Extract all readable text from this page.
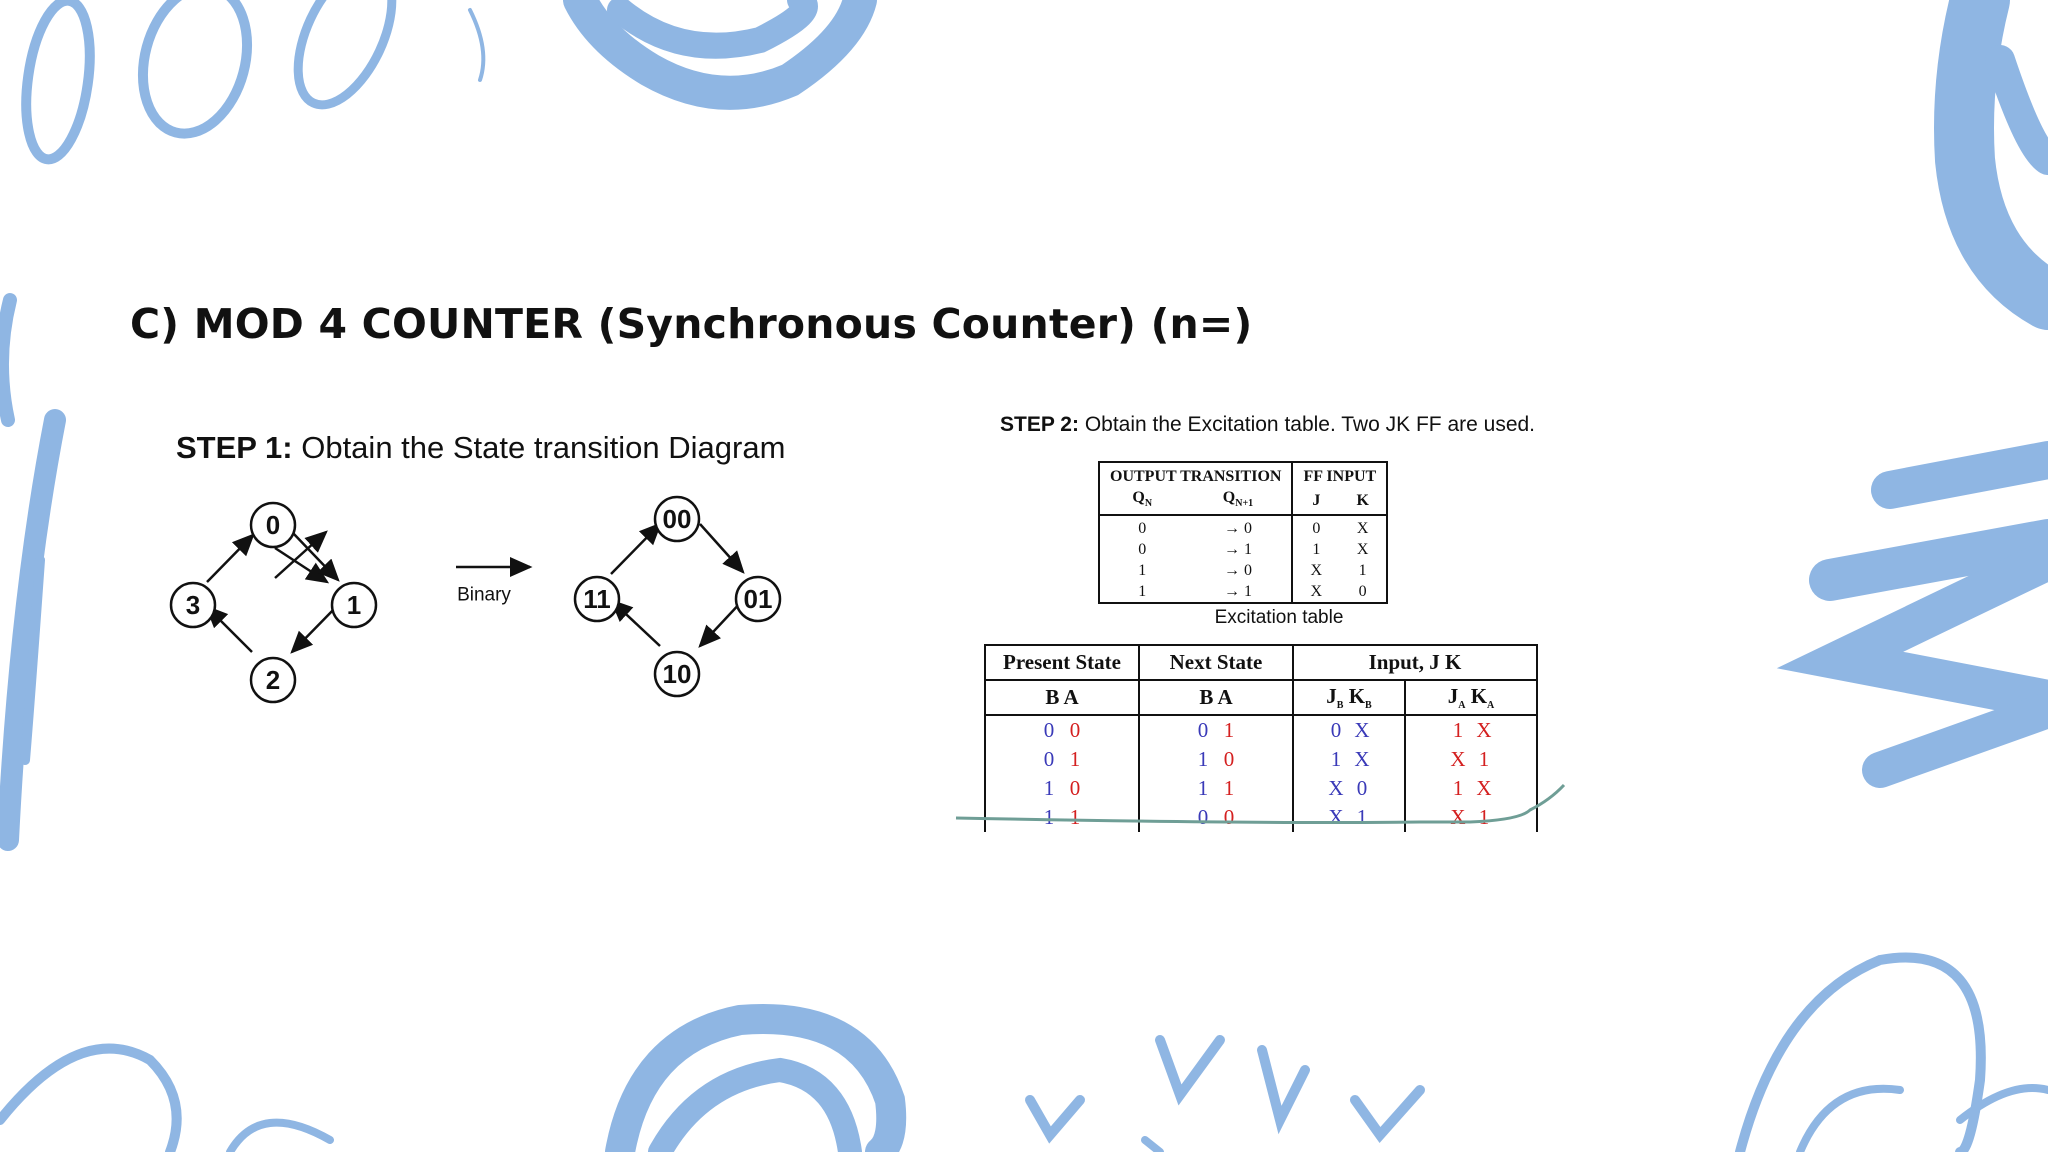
C) MOD 4 COUNTER (Synchronous Counter) (n=)
STEP 1: Obtain the State transition Diagram
0
1
2
3
00
01
10
11
Binary
STEP 2: Obtain the Excitation table. Two JK FF are used.
OUTPUT TRANSITION		FF INPUT	
$Q_N$	$Q_{N+1}$	J	K
0	→ 0	0	X
0	→ 1	1	X
1	→ 0	X	1
1	→ 1	X	0
Excitation table
Present State	Next State	Input, J K	
B A	B A	$J_B$ $K_B$	$J_A$ $K_A$
0 0	0 1	0 X	1 X
0 1	1 0	1 X	X 1
1 0	1 1	X 0	1 X
1 1	0 0	X 1	X 1
